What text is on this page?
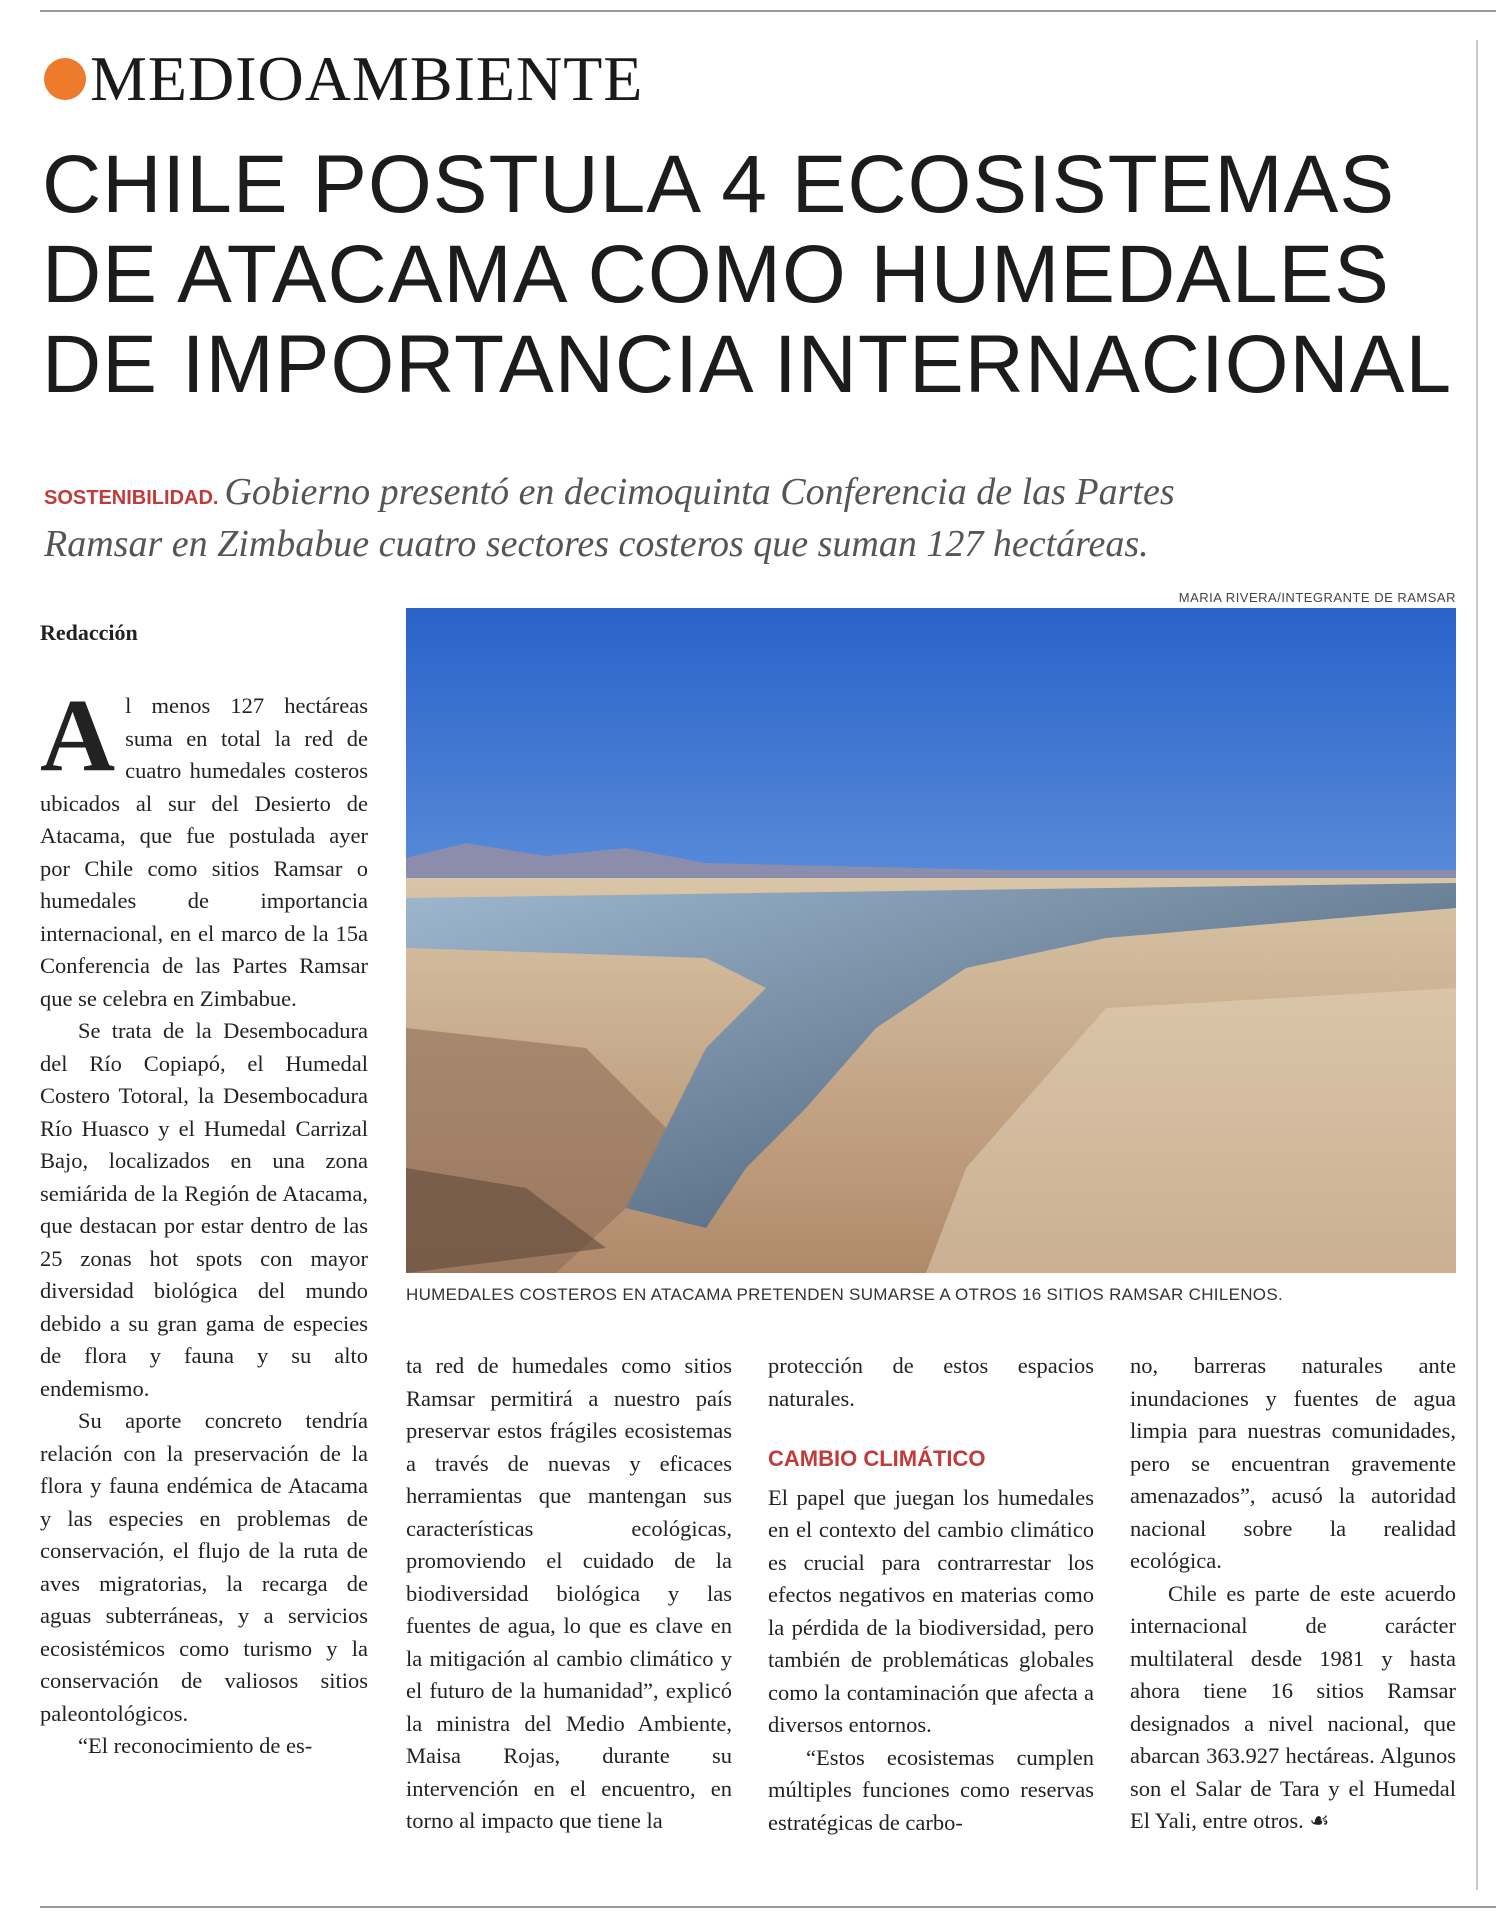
MEDIOAMBIENTE
CHILE POSTULA 4 ECOSISTEMAS
DE ATACAMA COMO HUMEDALES
DE IMPORTANCIA INTERNACIONAL
SOSTENIBILIDAD. Gobierno presentó en decimoquinta Conferencia de las Partes
Ramsar en Zimbabue cuatro sectores costeros que suman 127 hectáreas.
Redacción
MARIA RIVERA/INTEGRANTE DE RAMSAR
HUMEDALES COSTEROS EN ATACAMA PRETENDEN SUMARSE A OTROS 16 SITIOS RAMSAR CHILENOS.

Al menos 127 hectáreas suma en total la red de cuatro humedales costeros ubicados al sur del Desierto de Atacama, que fue postulada ayer por Chile como sitios Ramsar o humedales de importancia internacional, en el marco de la 15a Conferencia de las Partes Ramsar que se celebra en Zimbabue.

Se trata de la Desembocadura del Río Copiapó, el Humedal Costero Totoral, la Desembocadura Río Huasco y el Humedal Carrizal Bajo, localizados en una zona semiárida de la Región de Atacama, que destacan por estar dentro de las 25 zonas hot spots con mayor diversidad biológica del mundo debido a su gran gama de especies de flora y fauna y su alto endemismo.

Su aporte concreto tendría relación con la preservación de la flora y fauna endémica de Atacama y las especies en problemas de conservación, el flujo de la ruta de aves migratorias, la recarga de aguas subterráneas, y a servicios ecosistémicos como turismo y la conservación de valiosos sitios paleontológicos.

“El reconocimiento de es-

ta red de humedales como sitios Ramsar permitirá a nuestro país preservar estos frágiles ecosistemas a través de nuevas y eficaces herramientas que mantengan sus características ecológicas, promoviendo el cuidado de la biodiversidad biológica y las fuentes de agua, lo que es clave en la mitigación al cambio climático y el futuro de la humanidad”, explicó la ministra del Medio Ambiente, Maisa Rojas, durante su intervención en el encuentro, en torno al impacto que tiene la

protección de estos espacios naturales.

CAMBIO CLIMÁTICO

El papel que juegan los humedales en el contexto del cambio climático es crucial para contrarrestar los efectos negativos en materias como la pérdida de la biodiversidad, pero también de problemáticas globales como la contaminación que afecta a diversos entornos.

“Estos ecosistemas cumplen múltiples funciones como reservas estratégicas de carbo-

no, barreras naturales ante inundaciones y fuentes de agua limpia para nuestras comunidades, pero se encuentran gravemente amenazados”, acusó la autoridad nacional sobre la realidad ecológica.

Chile es parte de este acuerdo internacional de carácter multilateral desde 1981 y hasta ahora tiene 16 sitios Ramsar designados a nivel nacional, que abarcan 363.927 hectáreas. Algunos son el Salar de Tara y el Humedal El Yali, entre otros. ☙
